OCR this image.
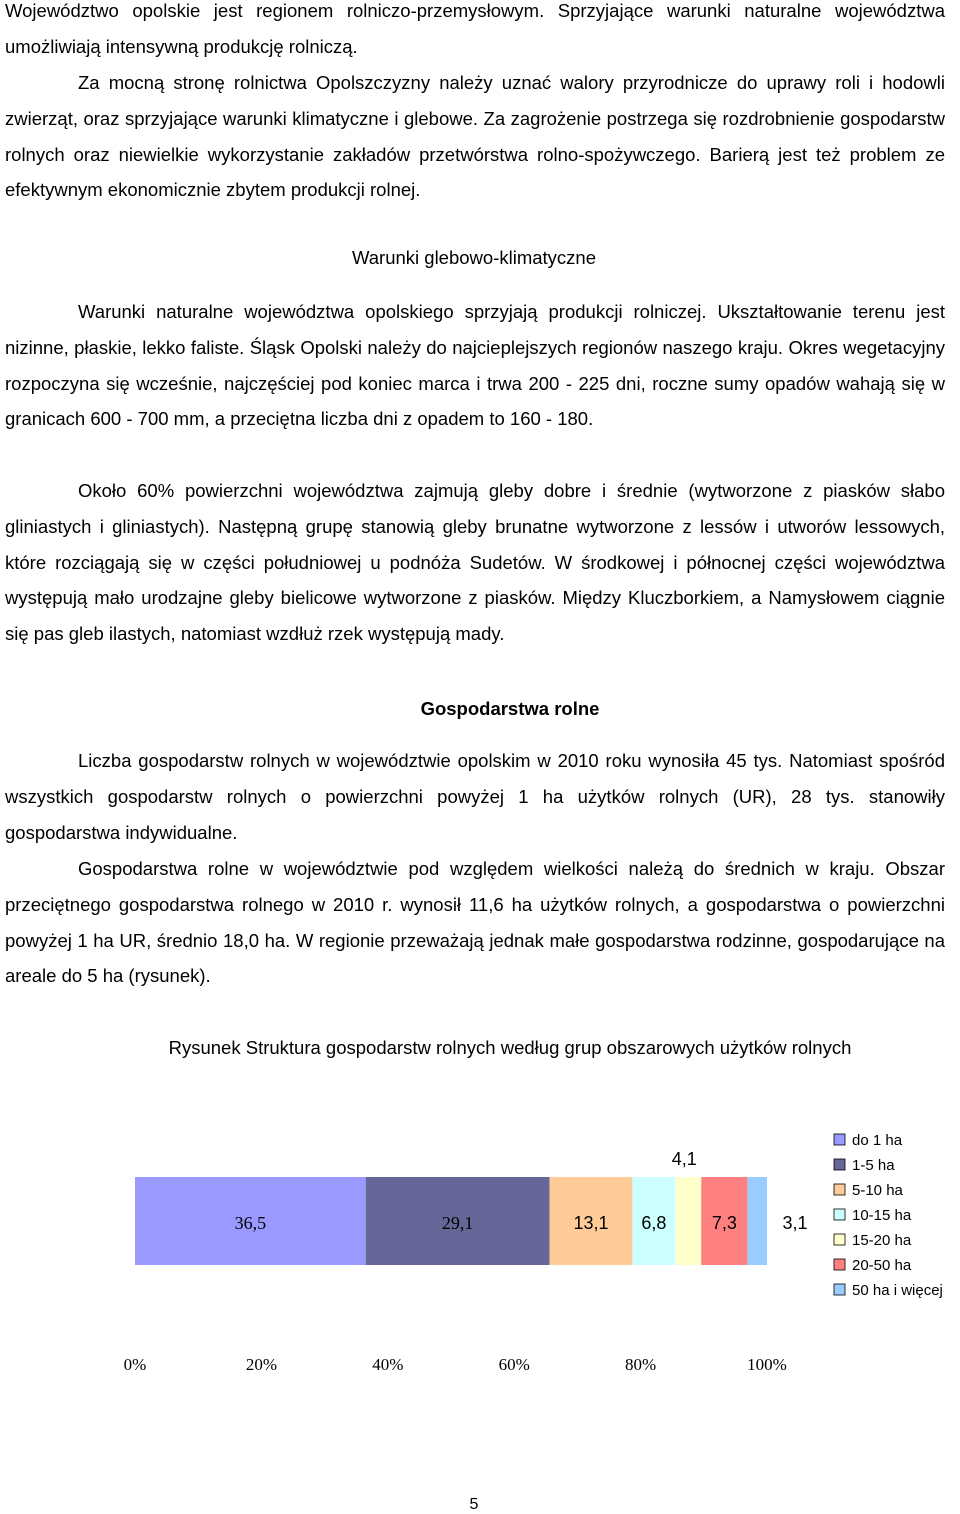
Województwo opolskie jest regionem rolniczo-przemysłowym. Sprzyjające warunki naturalne województwa umożliwiają intensywną produkcję rolniczą.

Za mocną stronę rolnictwa Opolszczyzny należy uznać walory przyrodnicze do uprawy roli i hodowli zwierząt, oraz sprzyjające warunki klimatyczne i glebowe. Za zagrożenie postrzega się rozdrobnienie gospodarstw rolnych oraz niewielkie wykorzystanie zakładów przetwórstwa rolno-spożywczego. Barierą jest też problem ze efektywnym ekonomicznie zbytem produkcji rolnej.

Warunki glebowo-klimatyczne

Warunki naturalne województwa opolskiego sprzyjają produkcji rolniczej. Ukształtowanie terenu jest nizinne, płaskie, lekko faliste. Śląsk Opolski należy do najcieplejszych regionów naszego kraju. Okres wegetacyjny rozpoczyna się wcześnie, najczęściej pod koniec marca i trwa 200 - 225 dni, roczne sumy opadów wahają się w granicach 600 - 700 mm, a przeciętna liczba dni z opadem to 160 - 180.

Około 60% powierzchni województwa zajmują gleby dobre i średnie (wytworzone z piasków słabo gliniastych i gliniastych). Następną grupę stanowią gleby brunatne wytworzone z lessów i utworów lessowych, które rozciągają się w części południowej u podnóża Sudetów. W środkowej i północnej części województwa występują mało urodzajne gleby bielicowe wytworzone z piasków. Między Kluczborkiem, a Namysłowem ciągnie się pas gleb ilastych, natomiast wzdłuż rzek występują mady.

Gospodarstwa rolne

Liczba gospodarstw rolnych w województwie opolskim w 2010 roku wynosiła 45 tys. Natomiast spośród wszystkich gospodarstw rolnych o powierzchni powyżej 1 ha użytków rolnych (UR), 28 tys. stanowiły gospodarstwa indywidualne.

Gospodarstwa rolne w województwie pod względem wielkości należą do średnich w kraju. Obszar przeciętnego gospodarstwa rolnego w 2010 r. wynosił 11,6 ha użytków rolnych, a gospodarstwa o powierzchni powyżej 1 ha UR, średnio 18,0 ha. W regionie przeważają jednak małe gospodarstwa rodzinne, gospodarujące na areale do 5 ha (rysunek).

Rysunek Struktura gospodarstw rolnych według grup obszarowych użytków rolnych

36,5	29,1	13,1 6,8
4,1
7,3	3,1
0%	20%	40%	60%	80%	100%
do 1 ha
1-5 ha
5-10 ha
10-15 ha
15-20 ha
20-50 ha
50 ha i więcej
5
